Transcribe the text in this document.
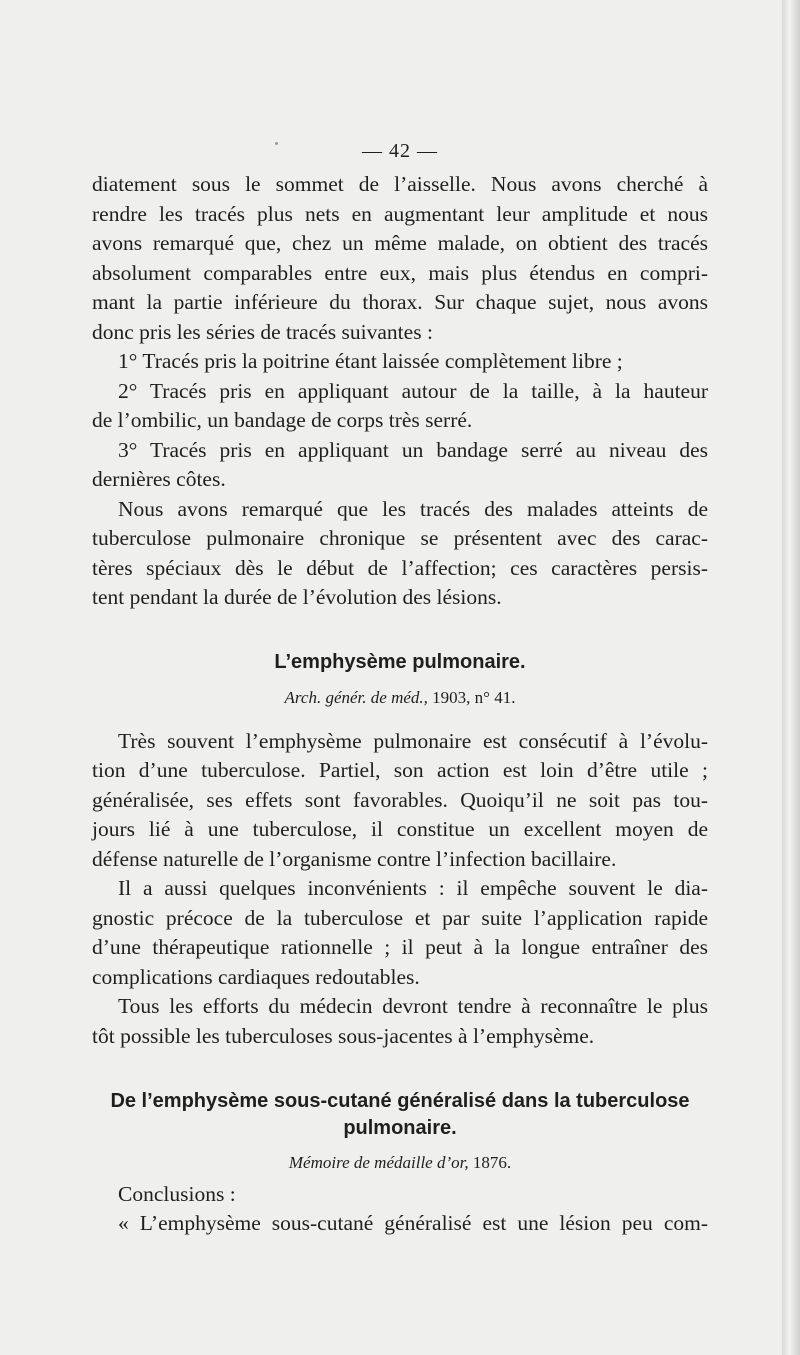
— 42 —

diatement sous le sommet de l’aisselle. Nous avons cherché à

rendre les tracés plus nets en augmentant leur amplitude et nous

avons remarqué que, chez un même malade, on obtient des tracés

absolument comparables entre eux, mais plus étendus en compri-

mant la partie inférieure du thorax. Sur chaque sujet, nous avons

donc pris les séries de tracés suivantes :

1° Tracés pris la poitrine étant laissée complètement libre ;

2° Tracés pris en appliquant autour de la taille, à la hauteur

de l’ombilic, un bandage de corps très serré.

3° Tracés pris en appliquant un bandage serré au niveau des

dernières côtes.

Nous avons remarqué que les tracés des malades atteints de

tuberculose pulmonaire chronique se présentent avec des carac-

tères spéciaux dès le début de l’affection; ces caractères persis-

tent pendant la durée de l’évolution des lésions.

L’emphysème pulmonaire.

Arch. génér. de méd., 1903, n° 41.

Très souvent l’emphysème pulmonaire est consécutif à l’évolu-

tion d’une tuberculose. Partiel, son action est loin d’être utile ;

généralisée, ses effets sont favorables. Quoiqu’il ne soit pas tou-

jours lié à une tuberculose, il constitue un excellent moyen de

défense naturelle de l’organisme contre l’infection bacillaire.

Il a aussi quelques inconvénients : il empêche souvent le dia-

gnostic précoce de la tuberculose et par suite l’application rapide

d’une thérapeutique rationnelle ; il peut à la longue entraîner des

complications cardiaques redoutables.

Tous les efforts du médecin devront tendre à reconnaître le plus

tôt possible les tuberculoses sous-jacentes à l’emphysème.

De l’emphysème sous-cutané généralisé dans la tuberculose
pulmonaire.

Mémoire de médaille d’or, 1876.

Conclusions :

« L’emphysème sous-cutané généralisé est une lésion peu com-
